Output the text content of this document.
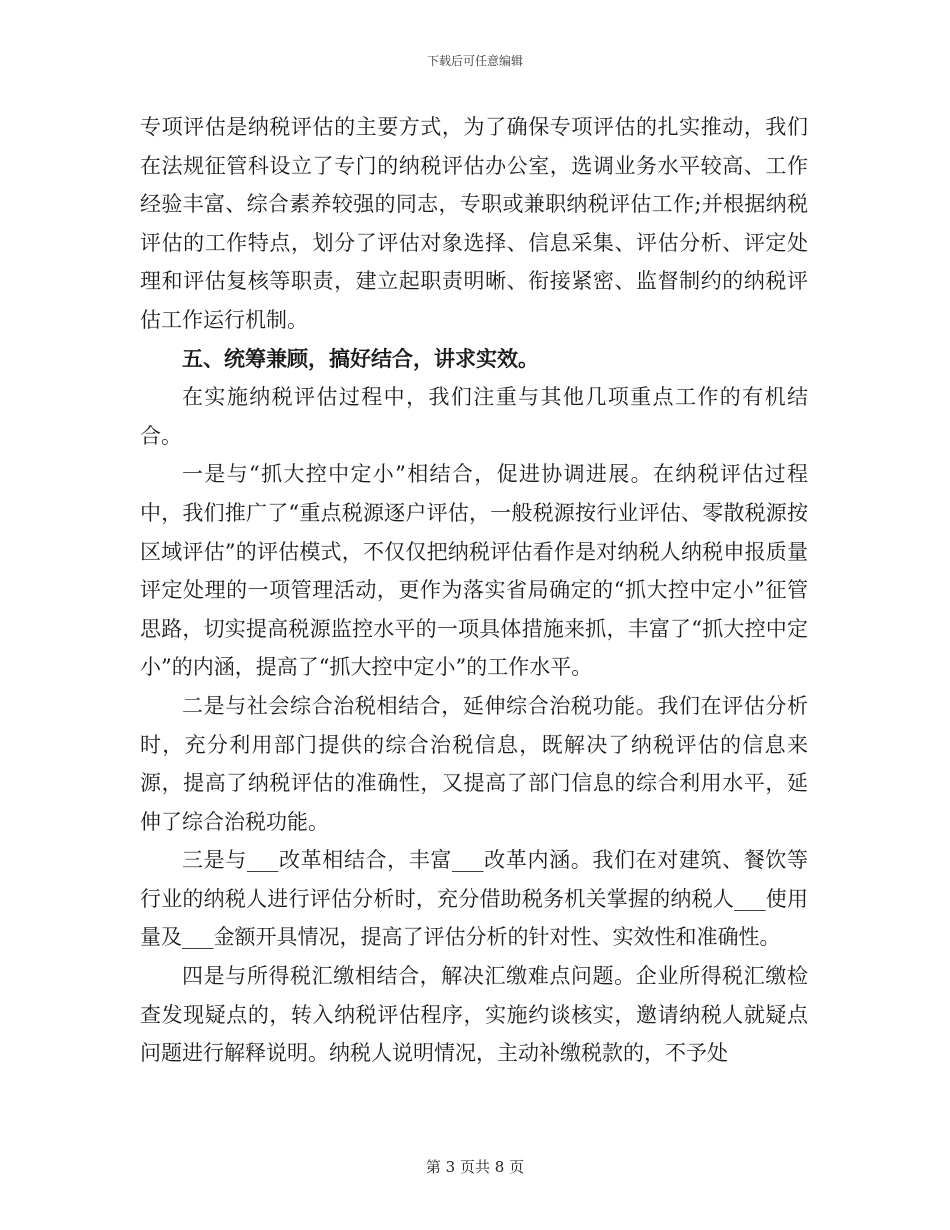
下载后可任意编辑

专项评估是纳税评估的主要方式，为了确保专项评估的扎实推动，我们在法规征管科设立了专门的纳税评估办公室，选调业务水平较高、工作经验丰富、综合素养较强的同志，专职或兼职纳税评估工作;并根据纳税评估的工作特点，划分了评估对象选择、信息采集、评估分析、评定处理和评估复核等职责，建立起职责明晰、衔接紧密、监督制约的纳税评估工作运行机制。

五、统筹兼顾，搞好结合，讲求实效。

在实施纳税评估过程中，我们注重与其他几项重点工作的有机结合。

一是与“抓大控中定小”相结合，促进协调进展。在纳税评估过程中，我们推广了“重点税源逐户评估，一般税源按行业评估、零散税源按区域评估”的评估模式，不仅仅把纳税评估看作是对纳税人纳税申报质量评定处理的一项管理活动，更作为落实省局确定的“抓大控中定小”征管思路，切实提高税源监控水平的一项具体措施来抓，丰富了“抓大控中定小”的内涵，提高了“抓大控中定小”的工作水平。

二是与社会综合治税相结合，延伸综合治税功能。我们在评估分析时，充分利用部门提供的综合治税信息，既解决了纳税评估的信息来源，提高了纳税评估的准确性，又提高了部门信息的综合利用水平，延伸了综合治税功能。

三是与___改革相结合，丰富___改革内涵。我们在对建筑、餐饮等行业的纳税人进行评估分析时，充分借助税务机关掌握的纳税人___使用量及___金额开具情况，提高了评估分析的针对性、实效性和准确性。

四是与所得税汇缴相结合，解决汇缴难点问题。企业所得税汇缴检查发现疑点的，转入纳税评估程序，实施约谈核实，邀请纳税人就疑点问题进行解释说明。纳税人说明情况，主动补缴税款的，不予处

第 3 页共 8 页
